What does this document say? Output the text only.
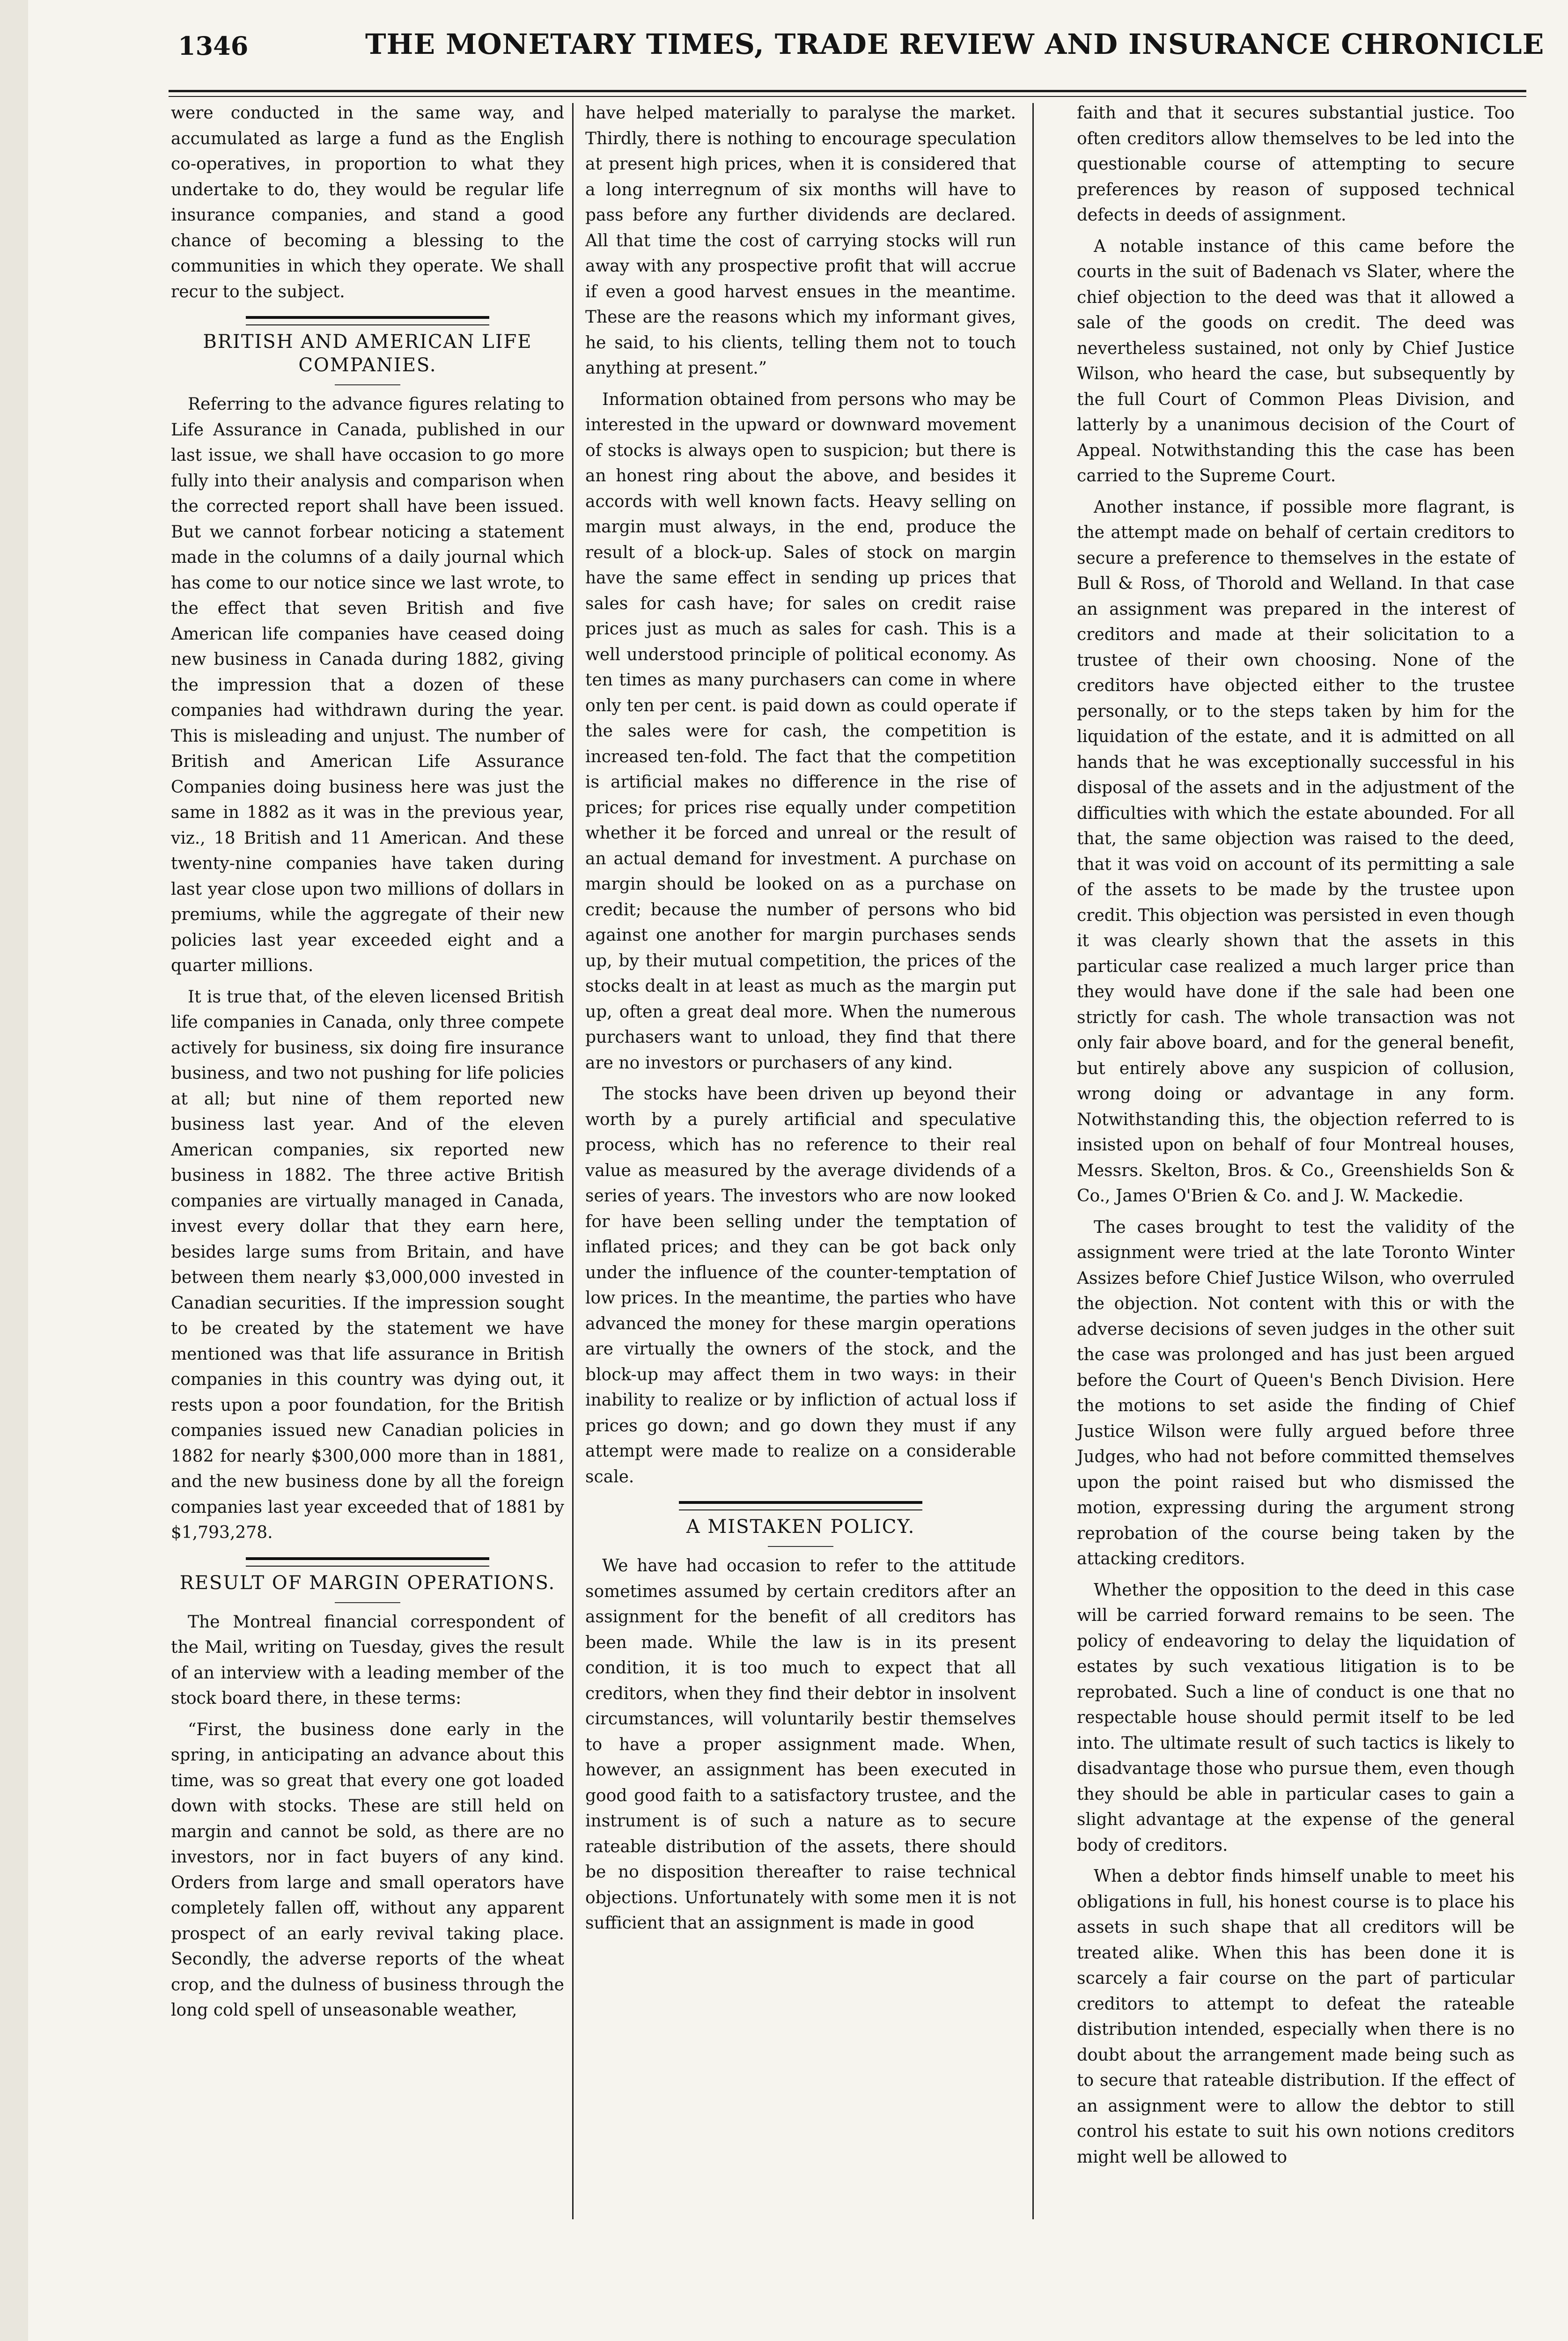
1346	THE MONETARY TIMES, TRADE REVIEW AND INSURANCE CHRONICLE

were conducted in the same way, and accumulated as large a fund as the English co-operatives, in proportion to what they undertake to do, they would be regular life insurance companies, and stand a good chance of becoming a blessing to the communities in which they operate. We shall recur to the subject.

BRITISH AND AMERICAN LIFE COMPANIES.

Referring to the advance figures relating to Life Assurance in Canada, published in our last issue, we shall have occasion to go more fully into their analysis and comparison when the corrected report shall have been issued. But we cannot forbear noticing a statement made in the columns of a daily journal which has come to our notice since we last wrote, to the effect that seven British and five American life companies have ceased doing new business in Canada during 1882, giving the impression that a dozen of these companies had withdrawn during the year. This is misleading and unjust. The number of British and American Life Assurance Companies doing business here was just the same in 1882 as it was in the previous year, viz., 18 British and 11 American. And these twenty-nine companies have taken during last year close upon two millions of dollars in premiums, while the aggregate of their new policies last year exceeded eight and a quarter millions.

It is true that, of the eleven licensed British life companies in Canada, only three compete actively for business, six doing fire insurance business, and two not pushing for life policies at all; but nine of them reported new business last year. And of the eleven American companies, six reported new business in 1882. The three active British companies are virtually managed in Canada, invest every dollar that they earn here, besides large sums from Britain, and have between them nearly $3,000,000 invested in Canadian securities. If the impression sought to be created by the statement we have mentioned was that life assurance in British companies in this country was dying out, it rests upon a poor foundation, for the British companies issued new Canadian policies in 1882 for nearly $300,000 more than in 1881, and the new business done by all the foreign companies last year exceeded that of 1881 by $1,793,278.

RESULT OF MARGIN OPERATIONS.

The Montreal financial correspondent of the Mail, writing on Tuesday, gives the result of an interview with a leading member of the stock board there, in these terms:

“First, the business done early in the spring, in anticipating an advance about this time, was so great that every one got loaded down with stocks. These are still held on margin and cannot be sold, as there are no investors, nor in fact buyers of any kind. Orders from large and small operators have completely fallen off, without any apparent prospect of an early revival taking place. Secondly, the adverse reports of the wheat crop, and the dulness of business through the long cold spell of unseasonable weather,

have helped materially to paralyse the market. Thirdly, there is nothing to encourage speculation at present high prices, when it is considered that a long interregnum of six months will have to pass before any further dividends are declared. All that time the cost of carrying stocks will run away with any prospective profit that will accrue if even a good harvest ensues in the meantime. These are the reasons which my informant gives, he said, to his clients, telling them not to touch anything at present.”

Information obtained from persons who may be interested in the upward or downward movement of stocks is always open to suspicion; but there is an honest ring about the above, and besides it accords with well known facts. Heavy selling on margin must always, in the end, produce the result of a block-up. Sales of stock on margin have the same effect in sending up prices that sales for cash have; for sales on credit raise prices just as much as sales for cash. This is a well understood principle of political economy. As ten times as many purchasers can come in where only ten per cent. is paid down as could operate if the sales were for cash, the competition is increased ten-fold. The fact that the competition is artificial makes no difference in the rise of prices; for prices rise equally under competition whether it be forced and unreal or the result of an actual demand for investment. A purchase on margin should be looked on as a purchase on credit; because the number of persons who bid against one another for margin purchases sends up, by their mutual competition, the prices of the stocks dealt in at least as much as the margin put up, often a great deal more. When the numerous purchasers want to unload, they find that there are no investors or purchasers of any kind.

The stocks have been driven up beyond their worth by a purely artificial and speculative process, which has no reference to their real value as measured by the average dividends of a series of years. The investors who are now looked for have been selling under the temptation of inflated prices; and they can be got back only under the influence of the counter-temptation of low prices. In the meantime, the parties who have advanced the money for these margin operations are virtually the owners of the stock, and the block-up may affect them in two ways: in their inability to realize or by infliction of actual loss if prices go down; and go down they must if any attempt were made to realize on a considerable scale.

A MISTAKEN POLICY.

We have had occasion to refer to the attitude sometimes assumed by certain creditors after an assignment for the benefit of all creditors has been made. While the law is in its present condition, it is too much to expect that all creditors, when they find their debtor in insolvent circumstances, will voluntarily bestir themselves to have a proper assignment made. When, however, an assignment has been executed in good good faith to a satisfactory trustee, and the instrument is of such a nature as to secure rateable distribution of the assets, there should be no disposition thereafter to raise technical objections. Unfortunately with some men it is not sufficient that an assignment is made in good

faith and that it secures substantial justice. Too often creditors allow themselves to be led into the questionable course of attempting to secure preferences by reason of supposed technical defects in deeds of assignment.

A notable instance of this came before the courts in the suit of Badenach vs Slater, where the chief objection to the deed was that it allowed a sale of the goods on credit. The deed was nevertheless sustained, not only by Chief Justice Wilson, who heard the case, but subsequently by the full Court of Common Pleas Division, and latterly by a unanimous decision of the Court of Appeal. Notwithstanding this the case has been carried to the Supreme Court.

Another instance, if possible more flagrant, is the attempt made on behalf of certain creditors to secure a preference to themselves in the estate of Bull & Ross, of Thorold and Welland. In that case an assignment was prepared in the interest of creditors and made at their solicitation to a trustee of their own choosing. None of the creditors have objected either to the trustee personally, or to the steps taken by him for the liquidation of the estate, and it is admitted on all hands that he was exceptionally successful in his disposal of the assets and in the adjustment of the difficulties with which the estate abounded. For all that, the same objection was raised to the deed, that it was void on account of its permitting a sale of the assets to be made by the trustee upon credit. This objection was persisted in even though it was clearly shown that the assets in this particular case realized a much larger price than they would have done if the sale had been one strictly for cash. The whole transaction was not only fair above board, and for the general benefit, but entirely above any suspicion of collusion, wrong doing or advantage in any form. Notwithstanding this, the objection referred to is insisted upon on behalf of four Montreal houses, Messrs. Skelton, Bros. & Co., Greenshields Son & Co., James O'Brien & Co. and J. W. Mackedie.

The cases brought to test the validity of the assignment were tried at the late Toronto Winter Assizes before Chief Justice Wilson, who overruled the objection. Not content with this or with the adverse decisions of seven judges in the other suit the case was prolonged and has just been argued before the Court of Queen's Bench Division. Here the motions to set aside the finding of Chief Justice Wilson were fully argued before three Judges, who had not before committed themselves upon the point raised but who dismissed the motion, expressing during the argument strong reprobation of the course being taken by the attacking creditors.

Whether the opposition to the deed in this case will be carried forward remains to be seen. The policy of endeavoring to delay the liquidation of estates by such vexatious litigation is to be reprobated. Such a line of conduct is one that no respectable house should permit itself to be led into. The ultimate result of such tactics is likely to disadvantage those who pursue them, even though they should be able in particular cases to gain a slight advantage at the expense of the general body of creditors.

When a debtor finds himself unable to meet his obligations in full, his honest course is to place his assets in such shape that all creditors will be treated alike. When this has been done it is scarcely a fair course on the part of particular creditors to attempt to defeat the rateable distribution intended, especially when there is no doubt about the arrangement made being such as to secure that rateable distribution. If the effect of an assignment were to allow the debtor to still control his estate to suit his own notions creditors might well be allowed to
